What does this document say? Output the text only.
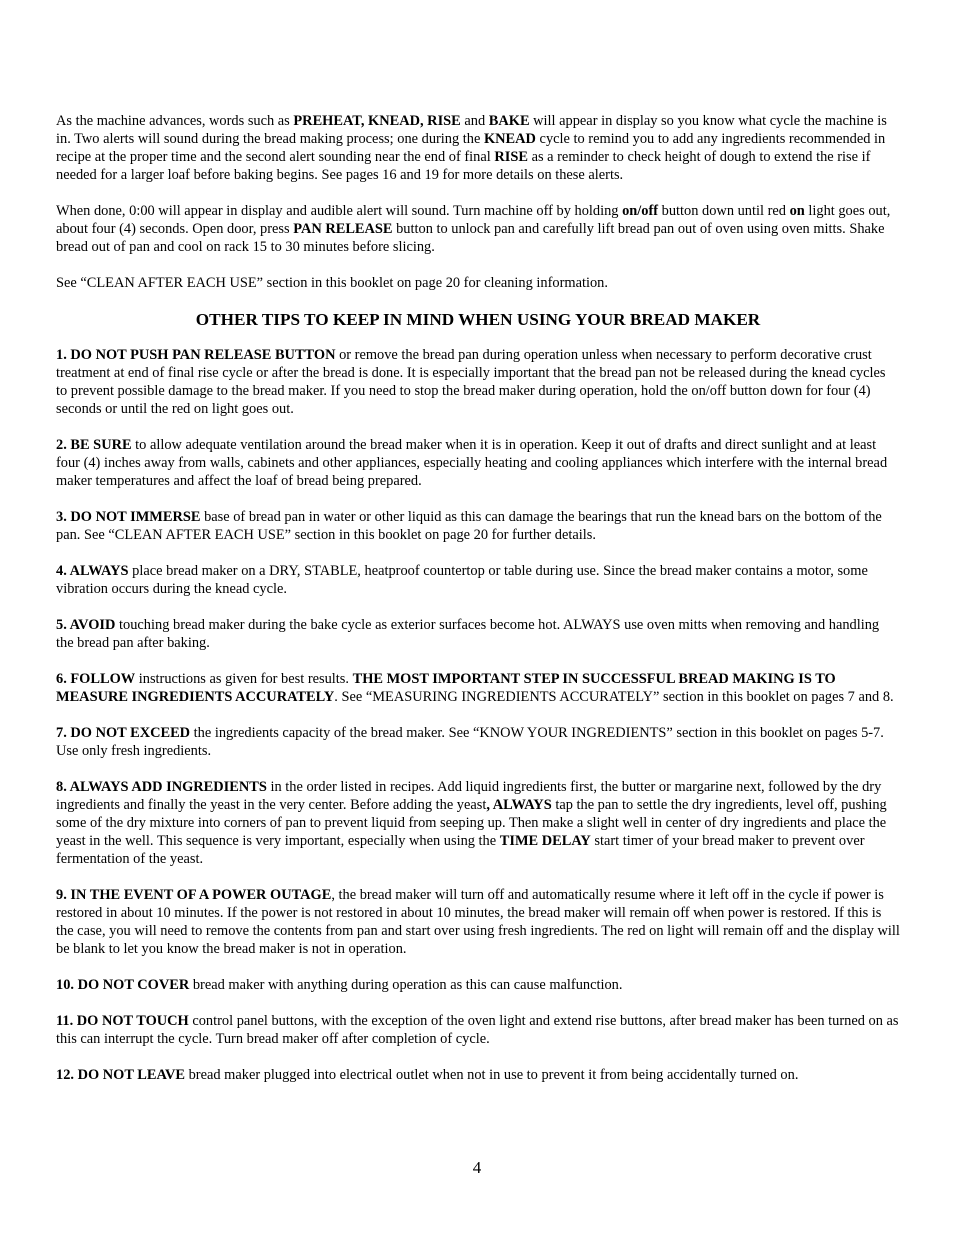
As the machine advances, words such as PREHEAT, KNEAD, RISE and BAKE will appear in display so you know what cycle the machine is in. Two alerts will sound during the bread making process; one during the KNEAD cycle to remind you to add any ingredients recommended in recipe at the proper time and the second alert sounding near the end of final RISE as a reminder to check height of dough to extend the rise if needed for a larger loaf before baking begins. See pages 16 and 19 for more details on these alerts.

When done, 0:00 will appear in display and audible alert will sound. Turn machine off by holding on/off button down until red on light goes out, about four (4) seconds. Open door, press PAN RELEASE button to unlock pan and carefully lift bread pan out of oven using oven mitts. Shake bread out of pan and cool on rack 15 to 30 minutes before slicing.

See “CLEAN AFTER EACH USE” section in this booklet on page 20 for cleaning information.

OTHER TIPS TO KEEP IN MIND WHEN USING YOUR BREAD MAKER

1. DO NOT PUSH PAN RELEASE BUTTON or remove the bread pan during operation unless when necessary to perform decorative crust treatment at end of final rise cycle or after the bread is done. It is especially important that the bread pan not be released during the knead cycles to prevent possible damage to the bread maker. If you need to stop the bread maker during operation, hold the on/off button down for four (4) seconds or until the red on light goes out.

2. BE SURE to allow adequate ventilation around the bread maker when it is in operation. Keep it out of drafts and direct sunlight and at least four (4) inches away from walls, cabinets and other appliances, especially heating and cooling appliances which interfere with the internal bread maker temperatures and affect the loaf of bread being prepared.

3. DO NOT IMMERSE base of bread pan in water or other liquid as this can damage the bearings that run the knead bars on the bottom of the pan. See “CLEAN AFTER EACH USE” section in this booklet on page 20 for further details.

4. ALWAYS place bread maker on a DRY, STABLE, heatproof countertop or table during use. Since the bread maker contains a motor, some vibration occurs during the knead cycle.

5. AVOID touching bread maker during the bake cycle as exterior surfaces become hot. ALWAYS use oven mitts when removing and handling the bread pan after baking.

6. FOLLOW instructions as given for best results. THE MOST IMPORTANT STEP IN SUCCESSFUL BREAD MAKING IS TO MEASURE INGREDIENTS ACCURATELY. See “MEASURING INGREDIENTS ACCURATELY” section in this booklet on pages 7 and 8.

7. DO NOT EXCEED the ingredients capacity of the bread maker. See “KNOW YOUR INGREDIENTS” section in this booklet on pages 5-7. Use only fresh ingredients.

8. ALWAYS ADD INGREDIENTS in the order listed in recipes. Add liquid ingredients first, the butter or margarine next, followed by the dry ingredients and finally the yeast in the very center. Before adding the yeast, ALWAYS tap the pan to settle the dry ingredients, level off, pushing some of the dry mixture into corners of pan to prevent liquid from seeping up. Then make a slight well in center of dry ingredients and place the yeast in the well. This sequence is very important, especially when using the TIME DELAY start timer of your bread maker to prevent over fermentation of the yeast.

9. IN THE EVENT OF A POWER OUTAGE, the bread maker will turn off and automatically resume where it left off in the cycle if power is restored in about 10 minutes. If the power is not restored in about 10 minutes, the bread maker will remain off when power is restored. If this is the case, you will need to remove the contents from pan and start over using fresh ingredients. The red on light will remain off and the display will be blank to let you know the bread maker is not in operation.

10. DO NOT COVER bread maker with anything during operation as this can cause malfunction.

11. DO NOT TOUCH control panel buttons, with the exception of the oven light and extend rise buttons, after bread maker has been turned on as this can interrupt the cycle. Turn bread maker off after completion of cycle.

12. DO NOT LEAVE bread maker plugged into electrical outlet when not in use to prevent it from being accidentally turned on.

4
